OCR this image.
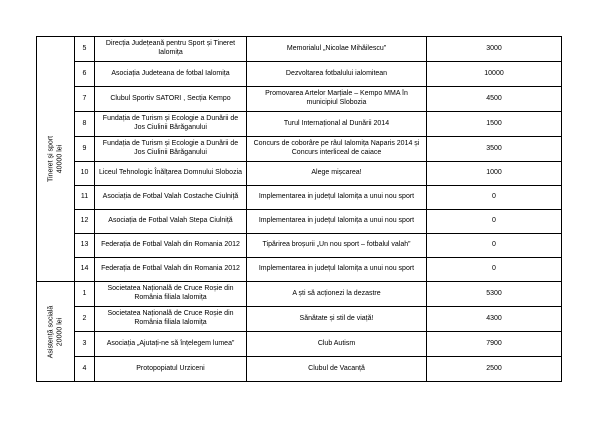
Tineret și sport 40000 lei	5	Direcția Județeană pentru Sport și Tineret Ialomița	Memorialul „Nicolae Mihăilescu”	3000
	6	Asociația Judeteana de fotbal Ialomița	Dezvoltarea fotbalului ialomitean	10000
	7	Clubul Sportiv SATORI , Secția Kempo	Promovarea Artelor Marțiale – Kempo MMA în municipiul Slobozia	4500
	8	Fundația de Turism și Ecologie a Dunării de Jos Ciulinii Bărăganului	Turul Internațional al Dunării 2014	1500
	9	Fundația de Turism și Ecologie a Dunării de Jos Ciulinii Bărăganului	Concurs de coborâre pe râul Ialomița Naparis 2014 și Concurs interliceal de caiace	3500
	10	Liceul Tehnologic Înălțarea Domnului Slobozia	Alege mișcarea!	1000
	11	Asociația de Fotbal Valah Costache Ciulniță	Implementarea in județul Ialomița a unui nou sport	0
	12	Asociația de Fotbal Valah Stepa Ciulniță	Implementarea in județul Ialomița a unui nou sport	0
	13	Federația de Fotbal Valah din Romania 2012	Tipărirea broșurii „Un nou sport – fotbalul valah”	0
	14	Federația de Fotbal Valah din Romania 2012	Implementarea in județul Ialomița a unui nou sport	0

Asistență socială 20000 lei	1	Societatea Națională de Cruce Roșie din România filiala Ialomița	A ști să acționezi la dezastre	5300
	2	Societatea Națională de Cruce Roșie din România filiala Ialomița	Sănătate și stil de viață!	4300
	3	Asociația „Ajutați-ne să înțelegem lumea”	Club Autism	7900
	4	Protopopiatul Urziceni	Clubul de Vacanță	2500
